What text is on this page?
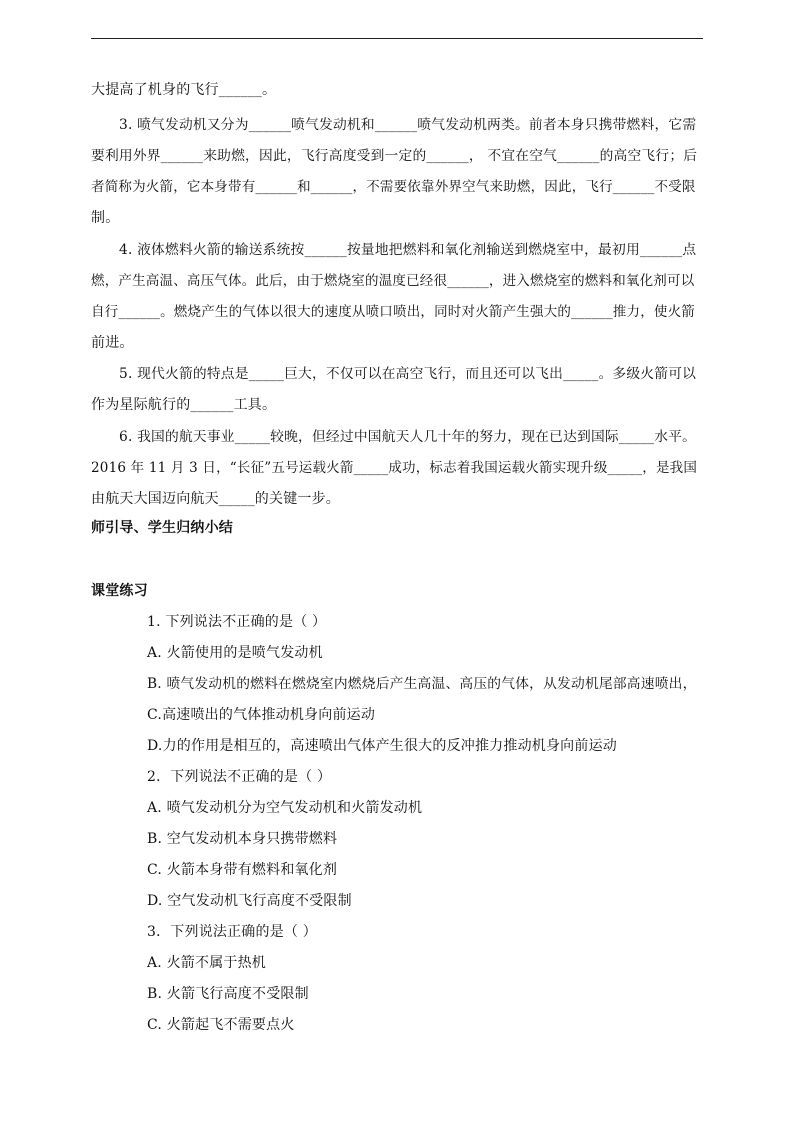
大提高了机身的飞行______。
3. 喷气发动机又分为______喷气发动机和______喷气发动机两类。前者本身只携带燃料，它需
要利用外界______来助燃，因此，飞行高度受到一定的______， 不宜在空气______的高空飞行；后
者简称为火箭，它本身带有______和______，不需要依靠外界空气来助燃，因此，飞行______不受限
制。
4. 液体燃料火箭的输送系统按______按量地把燃料和氧化剂输送到燃烧室中，最初用______点
燃，产生高温、高压气体。此后，由于燃烧室的温度已经很______，进入燃烧室的燃料和氧化剂可以
自行______。燃烧产生的气体以很大的速度从喷口喷出，同时对火箭产生强大的______推力，使火箭
前进。
5. 现代火箭的特点是_____巨大，不仅可以在高空飞行，而且还可以飞出_____。多级火箭可以
作为星际航行的______工具。
6. 我国的航天事业_____较晚，但经过中国航天人几十年的努力，现在已达到国际_____水平。
2016 年 11 月 3 日，“长征”五号运载火箭_____成功，标志着我国运载火箭实现升级_____，是我国
由航天大国迈向航天_____的关键一步。
师引导、学生归纳小结
课堂练习
1. 下列说法不正确的是（ ）
A. 火箭使用的是喷气发动机
B. 喷气发动机的燃料在燃烧室内燃烧后产生高温、高压的气体，从发动机尾部高速喷出，
C.高速喷出的气体推动机身向前运动
D.力的作用是相互的，高速喷出气体产生很大的反冲推力推动机身向前运动
2．下列说法不正确的是（ ）
A. 喷气发动机分为空气发动机和火箭发动机
B. 空气发动机本身只携带燃料
C. 火箭本身带有燃料和氧化剂
D. 空气发动机飞行高度不受限制
3．下列说法正确的是（ ）
A. 火箭不属于热机
B. 火箭飞行高度不受限制
C. 火箭起飞不需要点火
